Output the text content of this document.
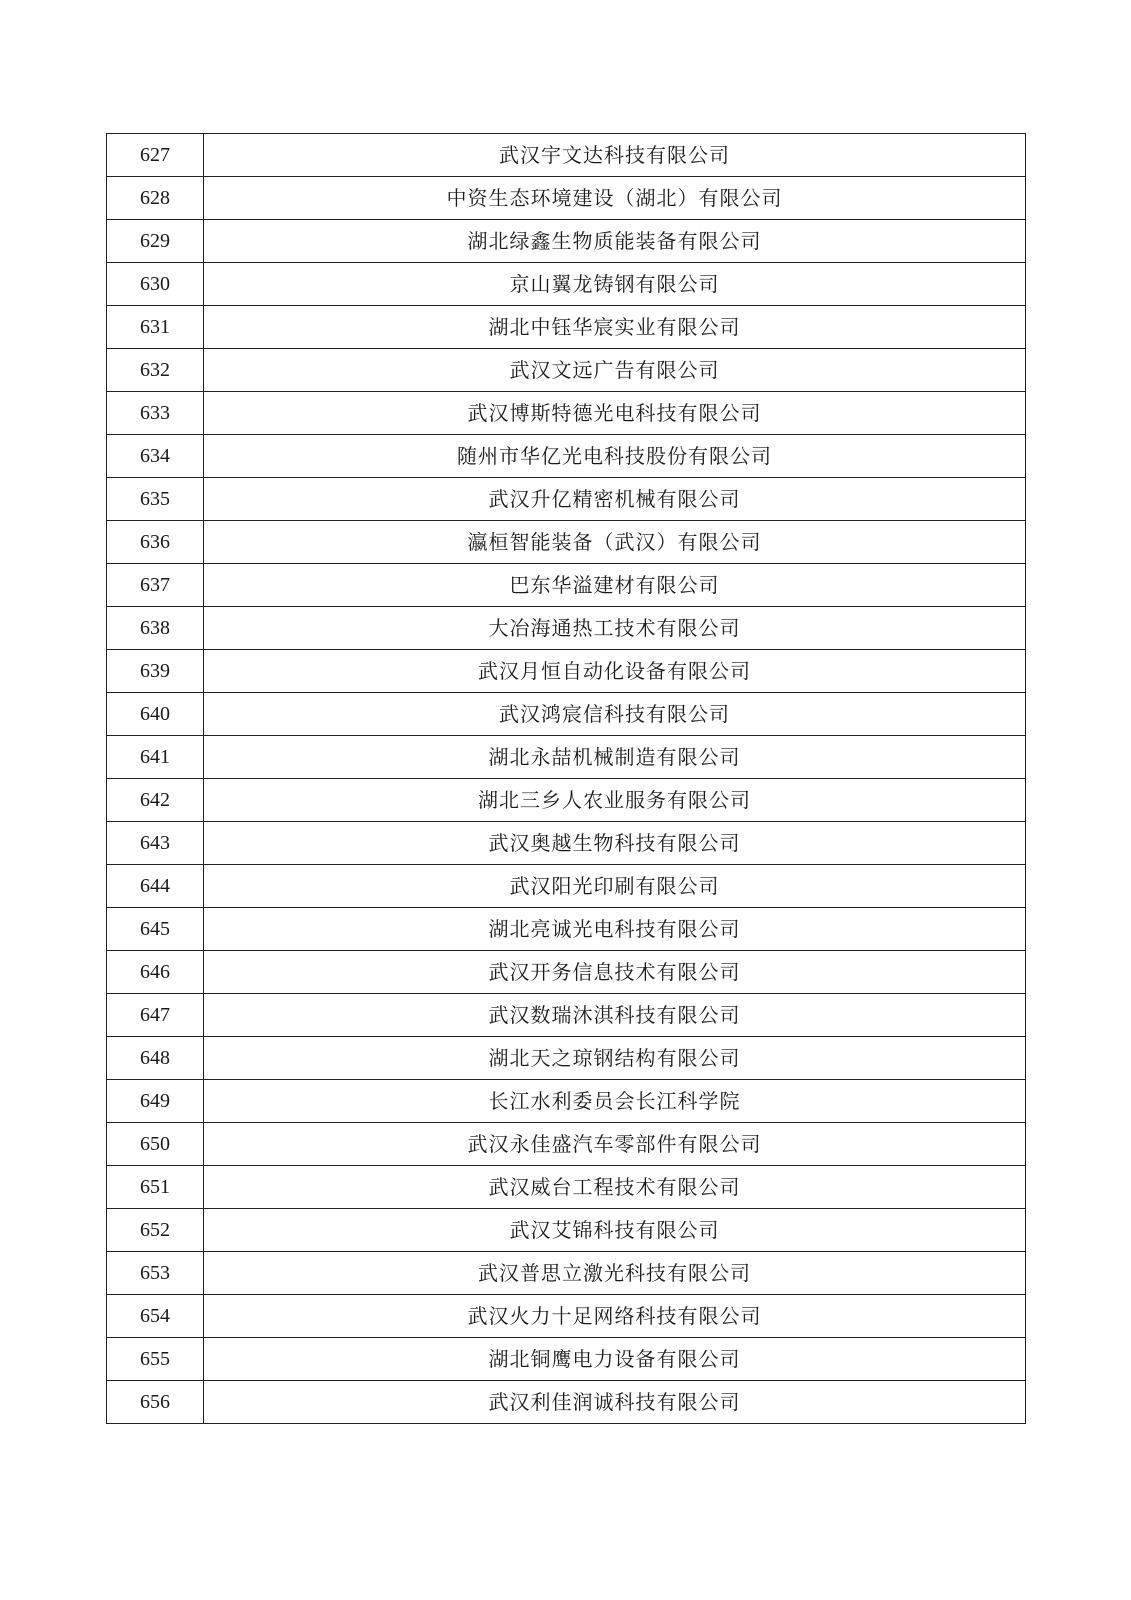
627	武汉宇文达科技有限公司
628	中资生态环境建设（湖北）有限公司
629	湖北绿鑫生物质能装备有限公司
630	京山翼龙铸钢有限公司
631	湖北中钰华宸实业有限公司
632	武汉文远广告有限公司
633	武汉博斯特德光电科技有限公司
634	随州市华亿光电科技股份有限公司
635	武汉升亿精密机械有限公司
636	瀛桓智能装备（武汉）有限公司
637	巴东华溢建材有限公司
638	大冶海通热工技术有限公司
639	武汉月恒自动化设备有限公司
640	武汉鸿宸信科技有限公司
641	湖北永喆机械制造有限公司
642	湖北三乡人农业服务有限公司
643	武汉奥越生物科技有限公司
644	武汉阳光印刷有限公司
645	湖北亮诚光电科技有限公司
646	武汉开务信息技术有限公司
647	武汉数瑞沐淇科技有限公司
648	湖北天之琼钢结构有限公司
649	长江水利委员会长江科学院
650	武汉永佳盛汽车零部件有限公司
651	武汉威台工程技术有限公司
652	武汉艾锦科技有限公司
653	武汉普思立激光科技有限公司
654	武汉火力十足网络科技有限公司
655	湖北铜鹰电力设备有限公司
656	武汉利佳润诚科技有限公司
